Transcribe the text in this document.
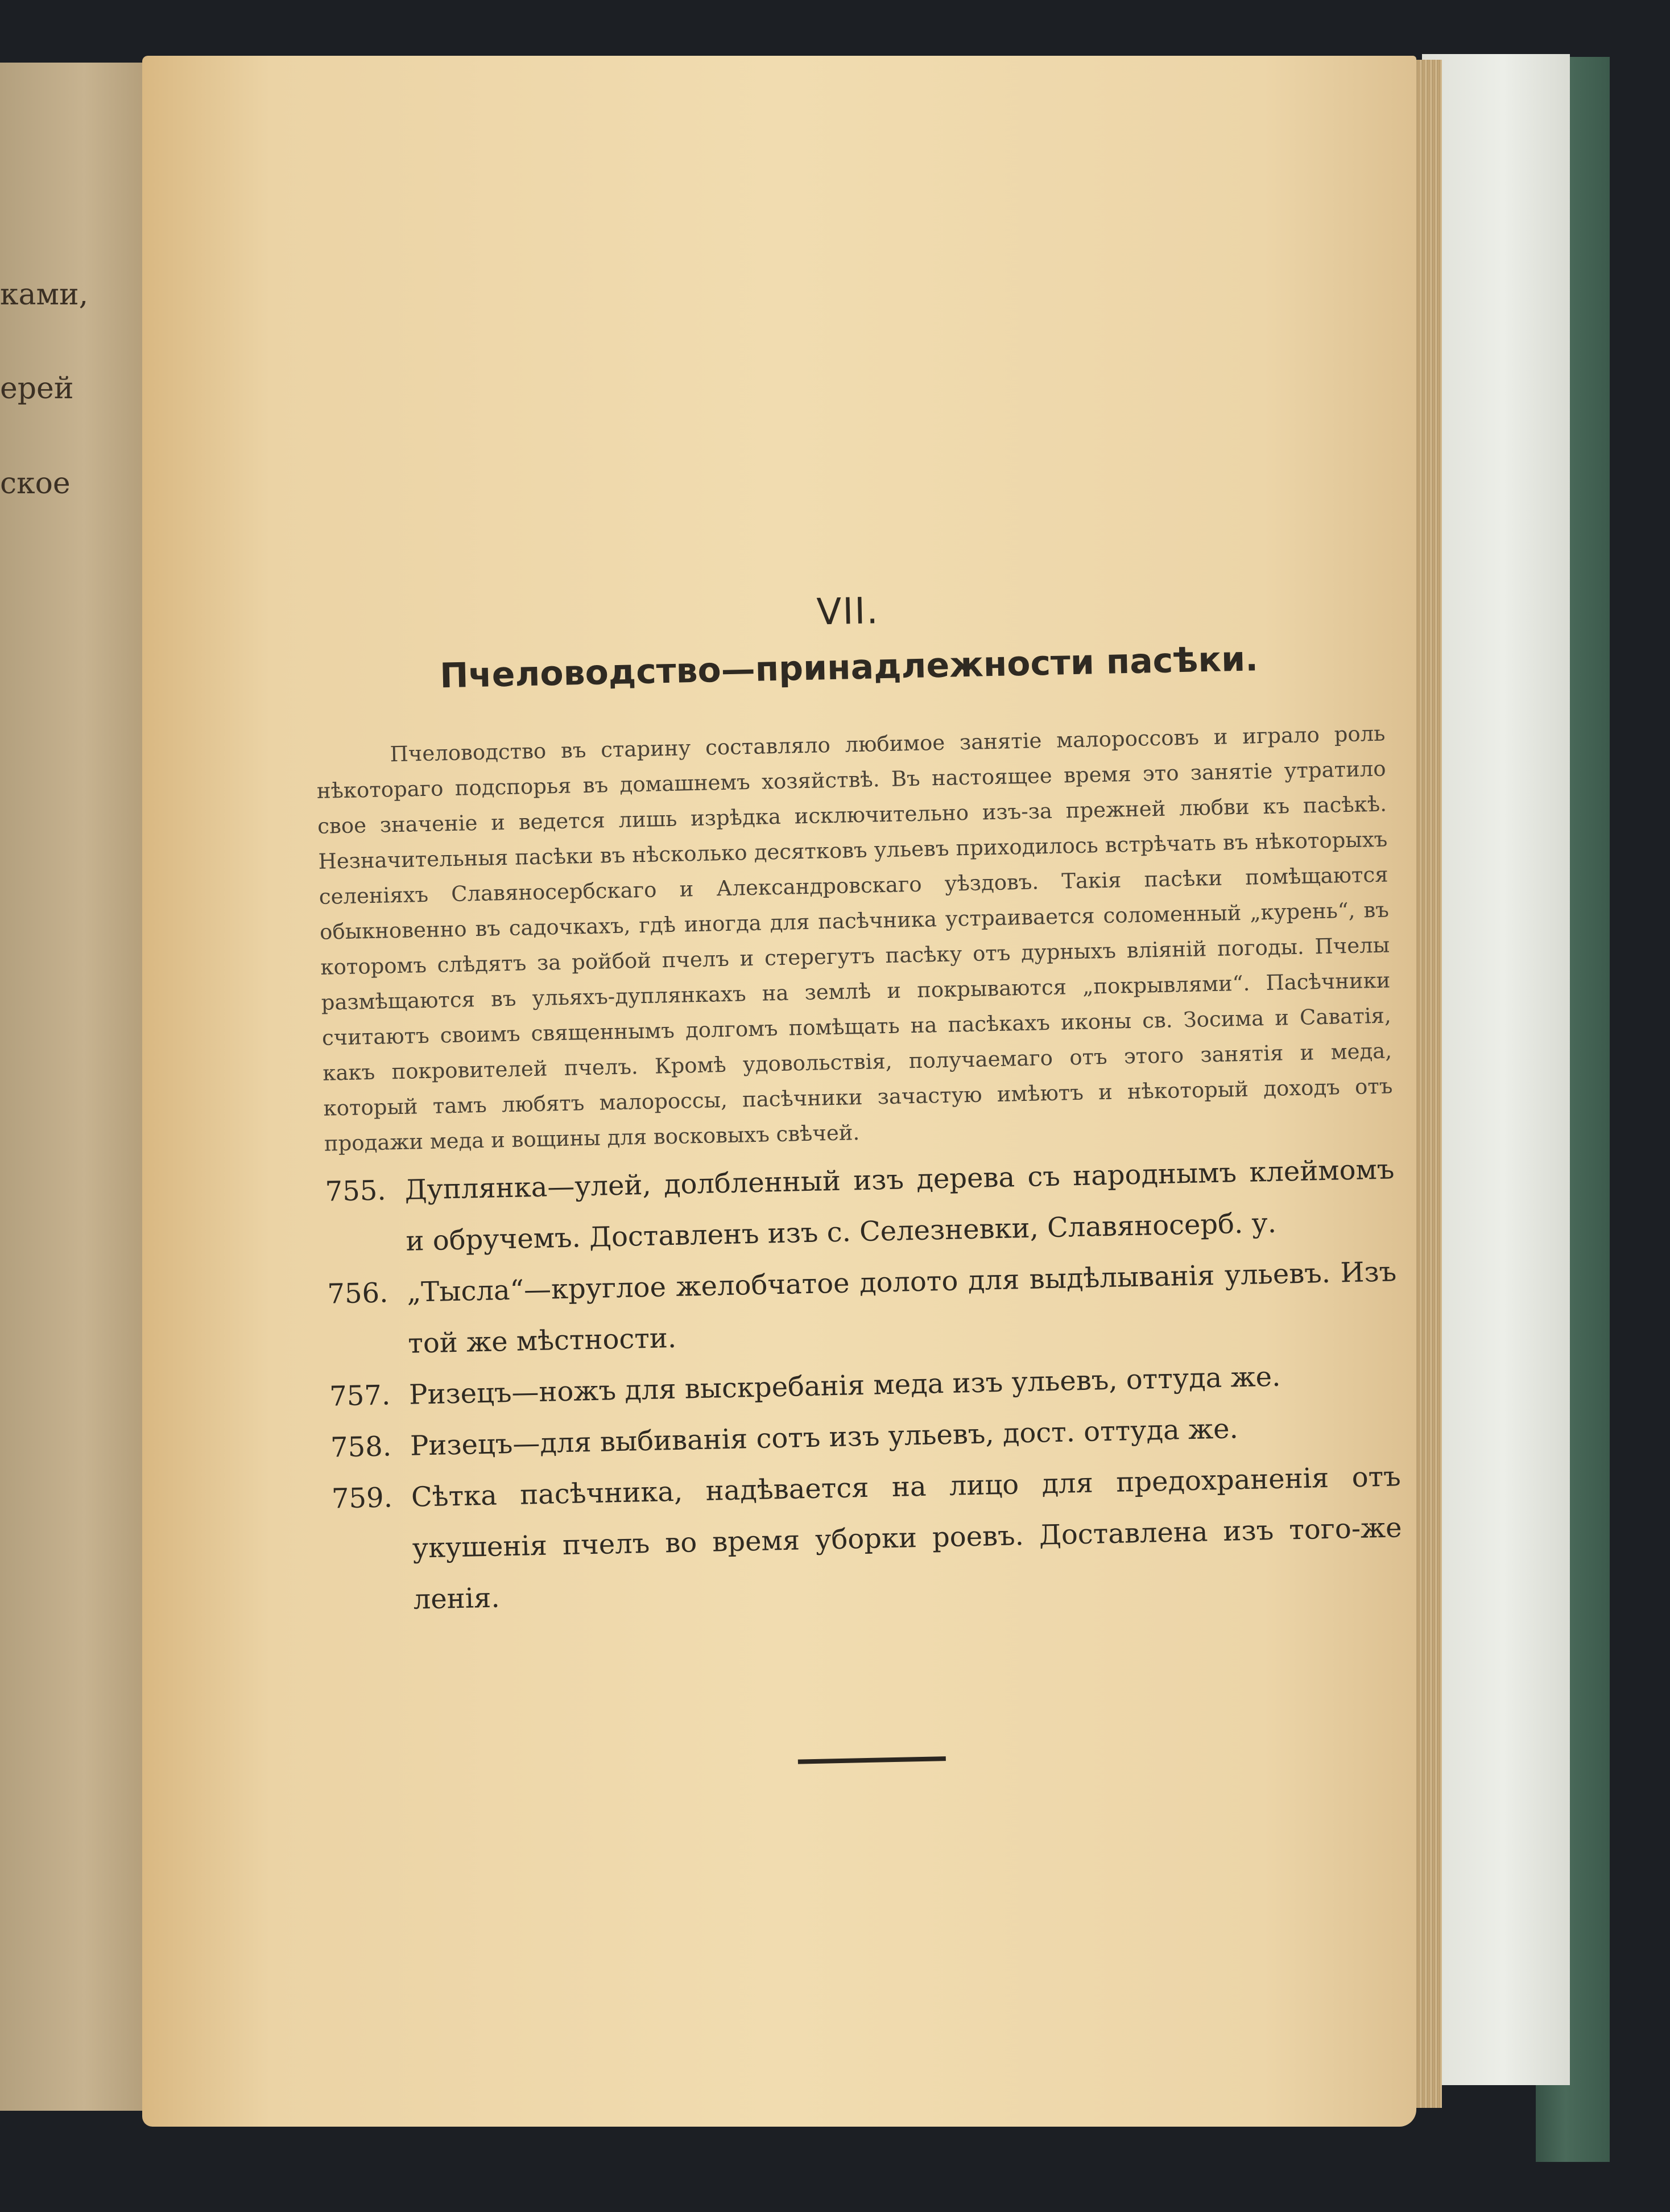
ками,
ерей
ское
VII.
Пчеловодство—принадлежности пасѣки.

Пчеловодство въ старину составляло любимое занятіе малороссовъ и играло роль нѣкотораго подспорья въ домашнемъ хозяйствѣ. Въ настоящее время это занятіе утратило свое значеніе и ведется лишь изрѣдка исключительно изъ-за прежней любви къ пасѣкѣ. Незначительныя пасѣки въ нѣсколько десятковъ ульевъ приходилось встрѣчать въ нѣкоторыхъ селеніяхъ Славяносербскаго и Александровскаго уѣздовъ. Такія пасѣки помѣщаются обыкновенно въ садочкахъ, гдѣ иногда для пасѣчника устраивается соломенный „курень“, въ которомъ слѣдятъ за ройбой пчелъ и стерегутъ пасѣку отъ дурныхъ вліяній погоды. Пчелы размѣщаются въ ульяхъ-дуплянкахъ на землѣ и покрываются „покрывлями“. Пасѣчники считаютъ своимъ священнымъ долгомъ помѣщать на пасѣкахъ иконы св. Зосима и Саватія, какъ покровителей пчелъ. Кромѣ удовольствія, получаемаго отъ этого занятія и меда, который тамъ любятъ малороссы, пасѣчники зачастую имѣютъ и нѣкоторый доходъ отъ продажи меда и вощины для восковыхъ свѣчей.

755. Дуплянка—улей, долбленный изъ дерева съ народнымъ клеймомъ и обручемъ. Доставленъ изъ с. Селезневки, Славяносерб. у.
756. „Тысла“—круглое желобчатое долото для выдѣлыванія ульевъ. Изъ той же мѣстности.
757. Ризецъ—ножъ для выскребанія меда изъ ульевъ, оттуда же.
758. Ризецъ—для выбиванія сотъ изъ ульевъ, дост. оттуда же.
759. Сѣтка пасѣчника, надѣвается на лицо для предохраненія отъ укушенія пчелъ во время уборки роевъ. Доставлена изъ того-же ленія.
